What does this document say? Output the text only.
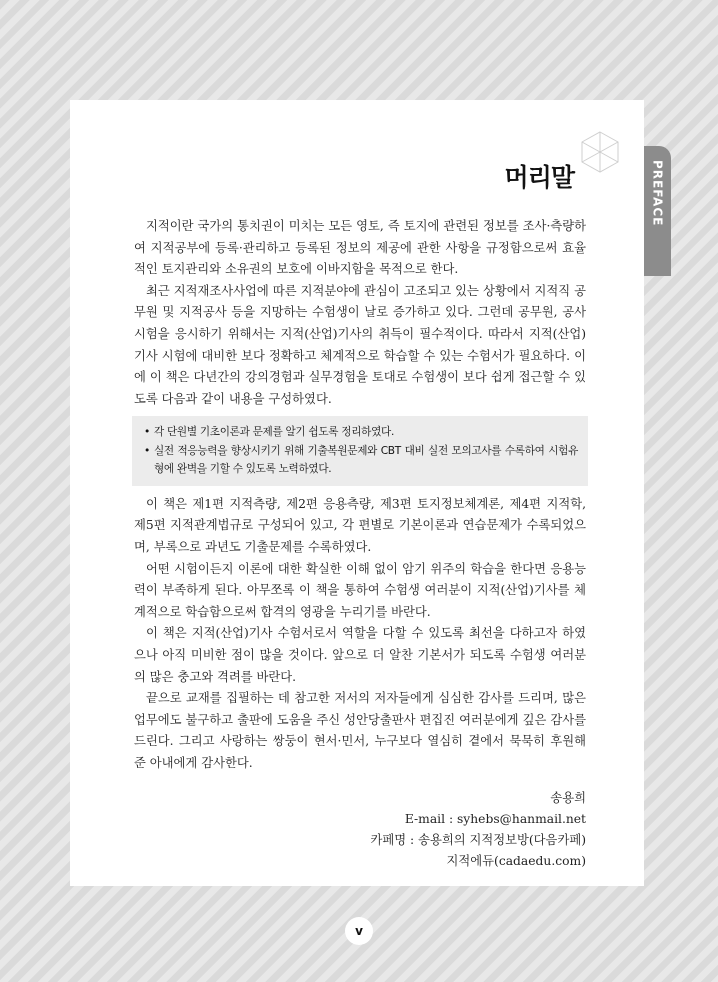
머리말

지적이란 국가의 통치권이 미치는 모든 영토, 즉 토지에 관련된 정보를 조사·측량하여 지적공부에 등록·관리하고 등록된 정보의 제공에 관한 사항을 규정함으로써 효율적인 토지관리와 소유권의 보호에 이바지함을 목적으로 한다.

최근 지적재조사사업에 따른 지적분야에 관심이 고조되고 있는 상황에서 지적직 공무원 및 지적공사 등을 지망하는 수험생이 날로 증가하고 있다. 그런데 공무원, 공사시험을 응시하기 위해서는 지적(산업)기사의 취득이 필수적이다. 따라서 지적(산업)기사 시험에 대비한 보다 정확하고 체계적으로 학습할 수 있는 수험서가 필요하다. 이에 이 책은 다년간의 강의경험과 실무경험을 토대로 수험생이 보다 쉽게 접근할 수 있도록 다음과 같이 내용을 구성하였다.

• 각 단원별 기초이론과 문제를 알기 쉽도록 정리하였다.
• 실전 적응능력을 향상시키기 위해 기출복원문제와 CBT 대비 실전 모의고사를 수록하여 시험유형에 완벽을 기할 수 있도록 노력하였다.

이 책은 제1편 지적측량, 제2편 응용측량, 제3편 토지정보체계론, 제4편 지적학, 제5편 지적관계법규로 구성되어 있고, 각 편별로 기본이론과 연습문제가 수록되었으며, 부록으로 과년도 기출문제를 수록하였다.

어떤 시험이든지 이론에 대한 확실한 이해 없이 암기 위주의 학습을 한다면 응용능력이 부족하게 된다. 아무쪼록 이 책을 통하여 수험생 여러분이 지적(산업)기사를 체계적으로 학습함으로써 합격의 영광을 누리기를 바란다.

이 책은 지적(산업)기사 수험서로서 역할을 다할 수 있도록 최선을 다하고자 하였으나 아직 미비한 점이 많을 것이다. 앞으로 더 알찬 기본서가 되도록 수험생 여러분의 많은 충고와 격려를 바란다.

끝으로 교재를 집필하는 데 참고한 저서의 저자들에게 심심한 감사를 드리며, 많은 업무에도 불구하고 출판에 도움을 주신 성안당출판사 편집진 여러분에게 깊은 감사를 드린다. 그리고 사랑하는 쌍둥이 현서·민서, 누구보다 열심히 곁에서 묵묵히 후원해 준 아내에게 감사한다.

송용희
E-mail : syhebs@hanmail.net
카페명 : 송용희의 지적정보방(다음카페)
지적에듀(cadaedu.com)
PREFACE
v
